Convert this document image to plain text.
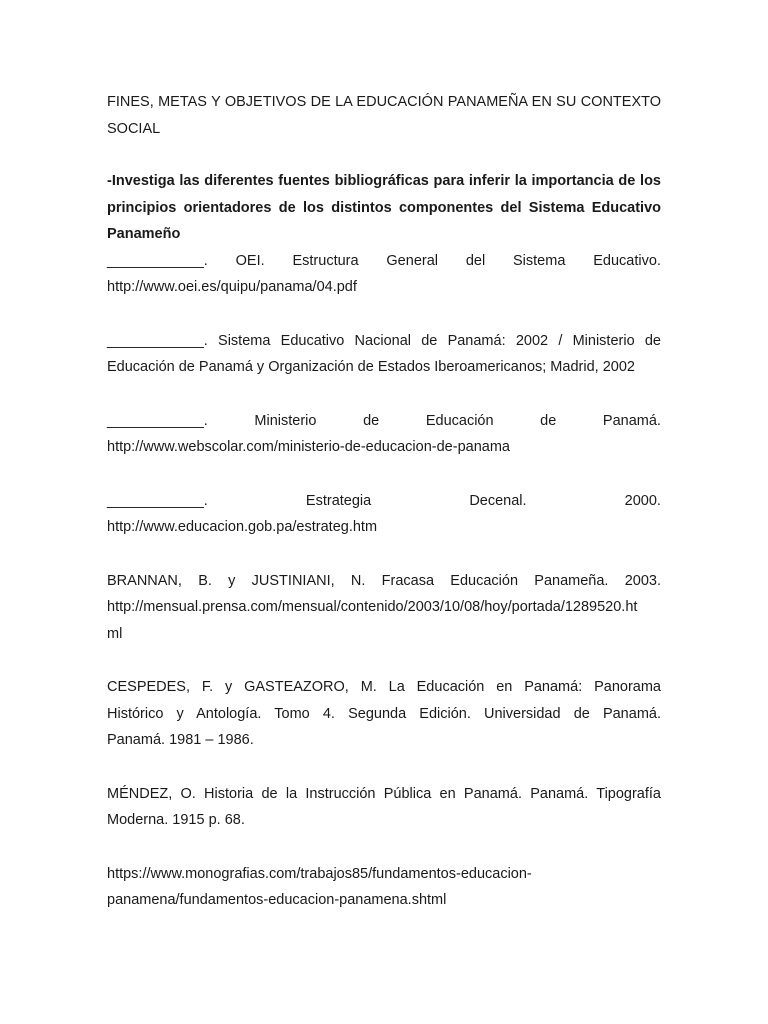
FINES, METAS Y OBJETIVOS DE LA EDUCACIÓN PANAMEÑA EN SU CONTEXTO SOCIAL

-Investiga las diferentes fuentes bibliográficas para inferir la importancia de los principios orientadores de los distintos componentes del Sistema Educativo Panameño

____________. OEI. Estructura General del Sistema Educativo.
http://www.oei.es/quipu/panama/04.pdf
____________. Sistema Educativo Nacional de Panamá: 2002 / Ministerio de
Educación de Panamá y Organización de Estados Iberoamericanos; Madrid, 2002
____________.	Ministerio	de	Educación	de	Panamá.
http://www.webscolar.com/ministerio-de-educacion-de-panama
____________.	Estrategia	Decenal.	2000.
http://www.educacion.gob.pa/estrateg.htm
BRANNAN, B. y JUSTINIANI, N. Fracasa Educación Panameña. 2003.
http://mensual.prensa.com/mensual/contenido/2003/10/08/hoy/portada/1289520.ht
ml
CESPEDES, F. y GASTEAZORO, M. La Educación en Panamá: Panorama
Histórico y Antología. Tomo 4. Segunda Edición. Universidad de Panamá.
Panamá. 1981 – 1986.
MÉNDEZ, O. Historia de la Instrucción Pública en Panamá. Panamá. Tipografía
Moderna. 1915 p. 68.
https://www.monografias.com/trabajos85/fundamentos-educacion-
panamena/fundamentos-educacion-panamena.shtml
